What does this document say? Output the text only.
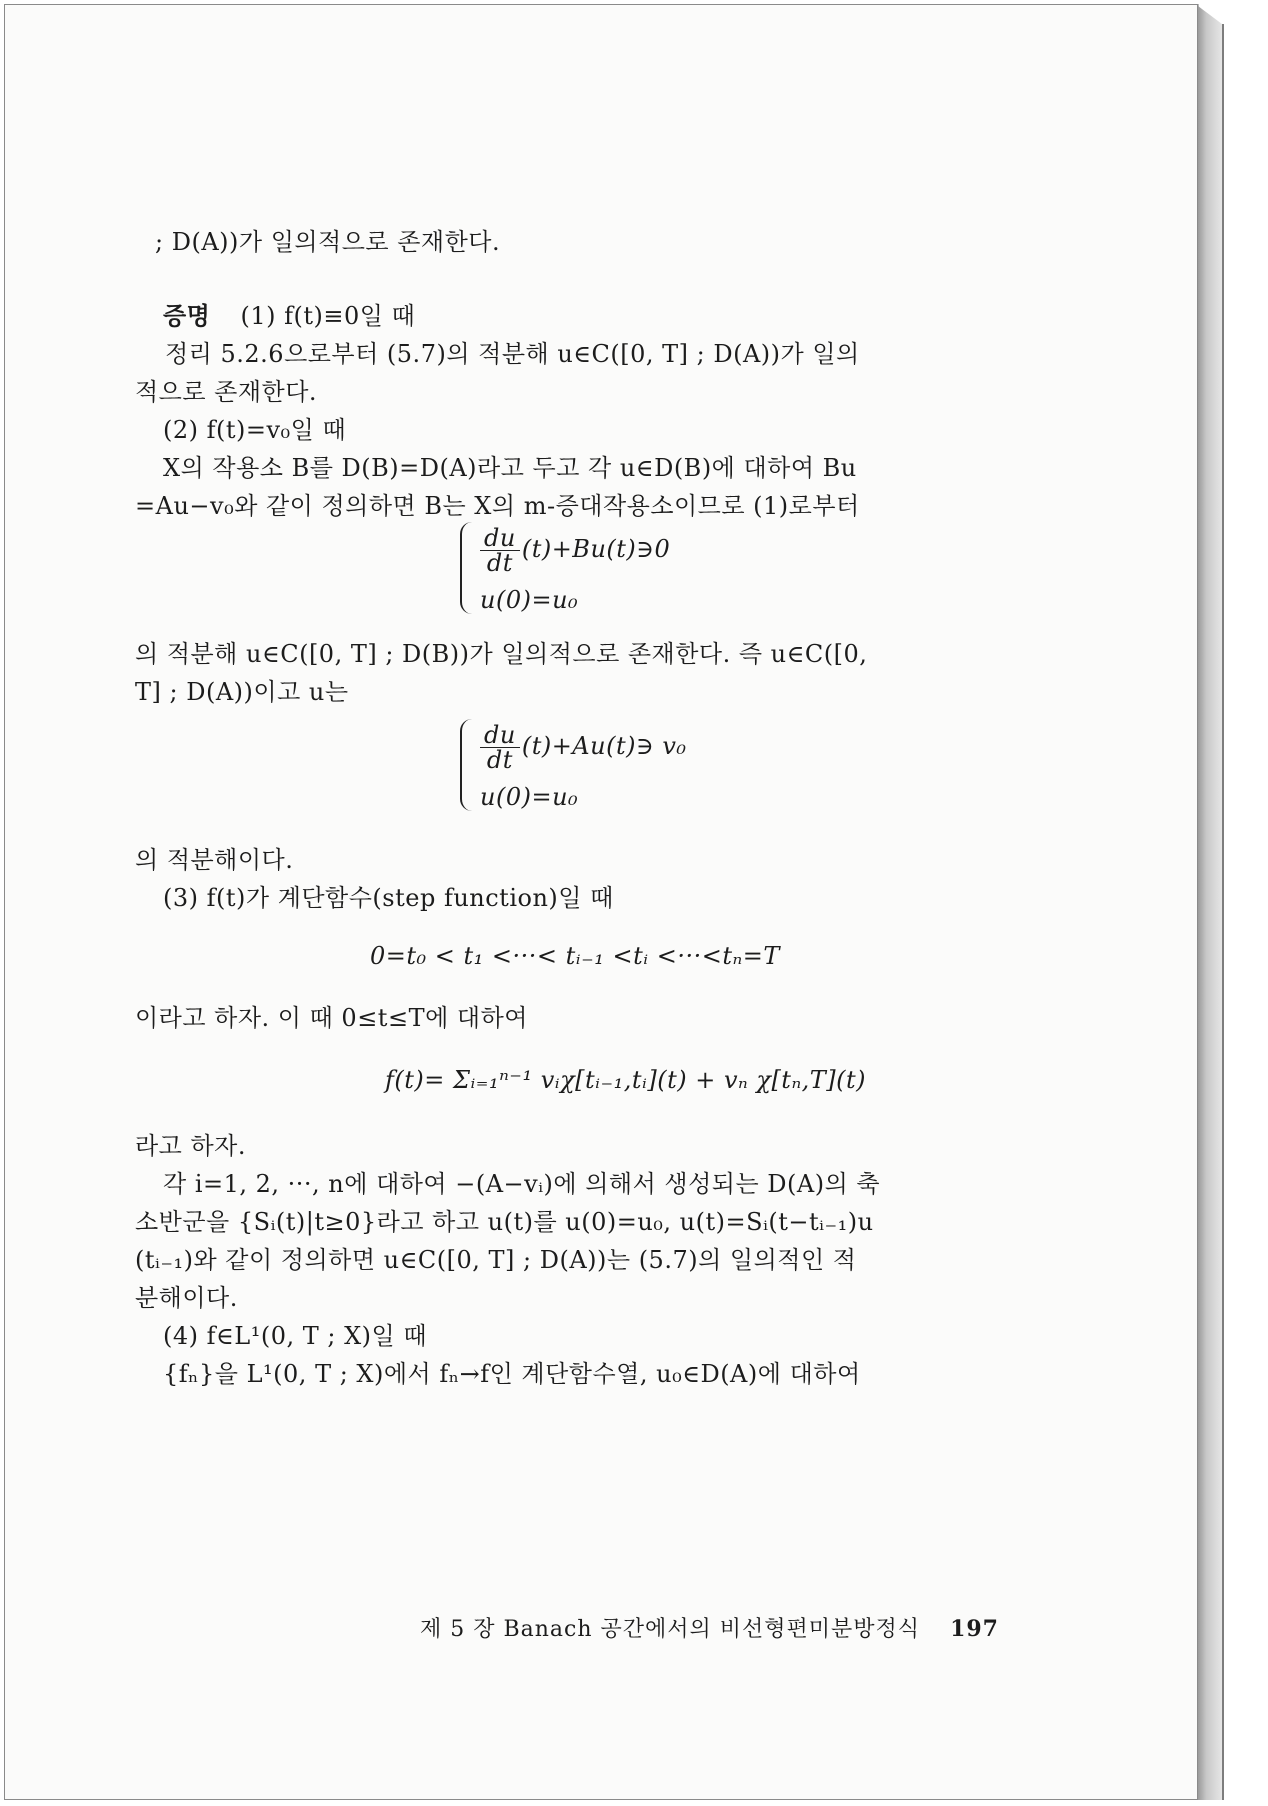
; D(A))가 일의적으로 존재한다.
증명 (1) f(t)≡0일 때
정리 5.2.6으로부터 (5.7)의 적분해 u∈C([0, T] ; D(A))가 일의
적으로 존재한다.
(2) f(t)=v₀일 때
X의 작용소 B를 D(B)=D(A)라고 두고 각 u∈D(B)에 대하여 Bu
=Au−v₀와 같이 정의하면 B는 X의 m-증대작용소이므로 (1)로부터
$\frac{du}{dt}$ (t)+Bu(t)∋0
u(0)=u₀
의 적분해 u∈C([0, T] ; D(B))가 일의적으로 존재한다. 즉 u∈C([0,
T] ; D(A))이고 u는
$\frac{du}{dt}$ (t)+Au(t)∋ v₀
u(0)=u₀
의 적분해이다.
(3) f(t)가 계단함수(step function)일 때
0=t₀ < t₁ <···< tᵢ₋₁ <tᵢ <···<tₙ=T
이라고 하자. 이 때 0≤t≤T에 대하여
f(t)= Σᵢ₌₁ⁿ⁻¹ vᵢχ[tᵢ₋₁,tᵢ](t) + vₙ χ[tₙ,T](t)
라고 하자.
각 i=1, 2, ···, n에 대하여 −(A−vᵢ)에 의해서 생성되는 D(A)의 축
소반군을 {Sᵢ(t)|t≥0}라고 하고 u(t)를 u(0)=u₀, u(t)=Sᵢ(t−tᵢ₋₁)u
(tᵢ₋₁)와 같이 정의하면 u∈C([0, T] ; D(A))는 (5.7)의 일의적인 적
분해이다.
(4) f∈L¹(0, T ; X)일 때
{fₙ}을 L¹(0, T ; X)에서 fₙ→f인 계단함수열, u₀∈D(A)에 대하여
제 5 장 Banach 공간에서의 비선형편미분방정식 197
